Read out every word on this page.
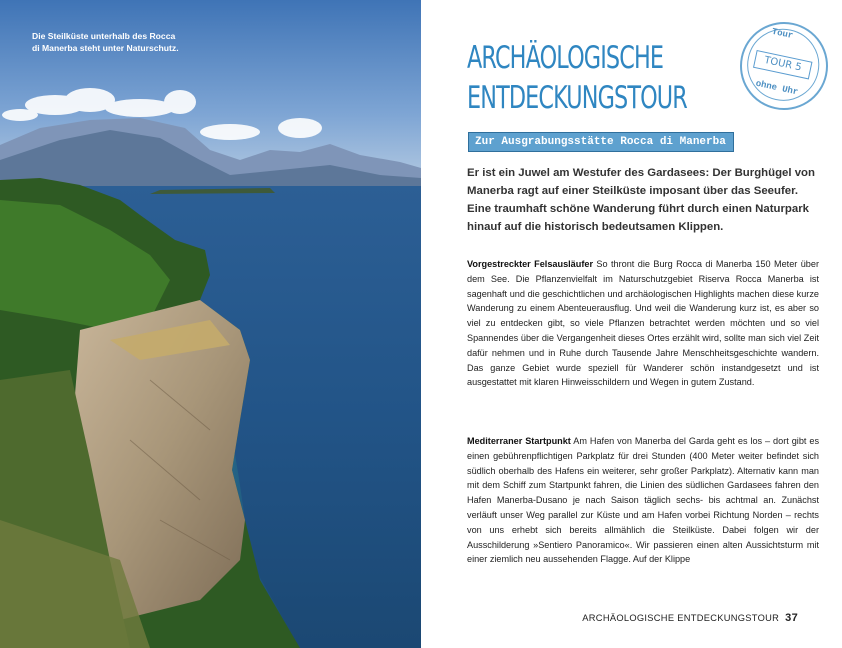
Die Steilküste unterhalb des Rocca di Manerba steht unter Naturschutz.
Tour
TOUR 5
ohne Uhr
ARCHÄOLOGISCHE
ENTDECKUNGSTOUR
Zur Ausgrabungsstätte Rocca di Manerba
Er ist ein Juwel am Westufer des Gardasees: Der Burghügel von Manerba ragt auf einer Steilküste imposant über das Seeufer. Eine traumhaft schöne Wanderung führt durch einen Naturpark hinauf auf die historisch bedeutsamen Klippen.
Vorgestreckter Felsausläufer So thront die Burg Rocca di Manerba 150 Meter über dem See. Die Pflanzenvielfalt im Naturschutzgebiet Riserva Rocca Manerba ist sagenhaft und die geschichtlichen und archäologischen Highlights machen diese kurze Wanderung zu einem Abenteuerausflug. Und weil die Wanderung kurz ist, es aber so viel zu entdecken gibt, so viele Pflanzen betrachtet werden möchten und so viel Spannendes über die Vergangenheit dieses Ortes erzählt wird, sollte man sich viel Zeit dafür nehmen und in Ruhe durch Tausende Jahre Menschheitsgeschichte wandern. Das ganze Gebiet wurde speziell für Wanderer schön instandgesetzt und ist ausgestattet mit klaren Hinweisschildern und Wegen in gutem Zustand.
Mediterraner Startpunkt Am Hafen von Manerba del Garda geht es los – dort gibt es einen gebührenpflichtigen Parkplatz für drei Stunden (400 Meter weiter befindet sich südlich oberhalb des Hafens ein weiterer, sehr großer Parkplatz). Alternativ kann man mit dem Schiff zum Startpunkt fahren, die Linien des südlichen Gardasees fahren den Hafen Manerba-Dusano je nach Saison täglich sechs- bis achtmal an. Zunächst verläuft unser Weg parallel zur Küste und am Hafen vorbei Richtung Norden – rechts von uns erhebt sich bereits allmählich die Steilküste. Dabei folgen wir der Ausschilderung »Sentiero Panoramico«. Wir passieren einen alten Aussichtsturm mit einer ziemlich neu aussehenden Flagge. Auf der Klippe
ARCHÄOLOGISCHE ENTDECKUNGSTOUR 37
